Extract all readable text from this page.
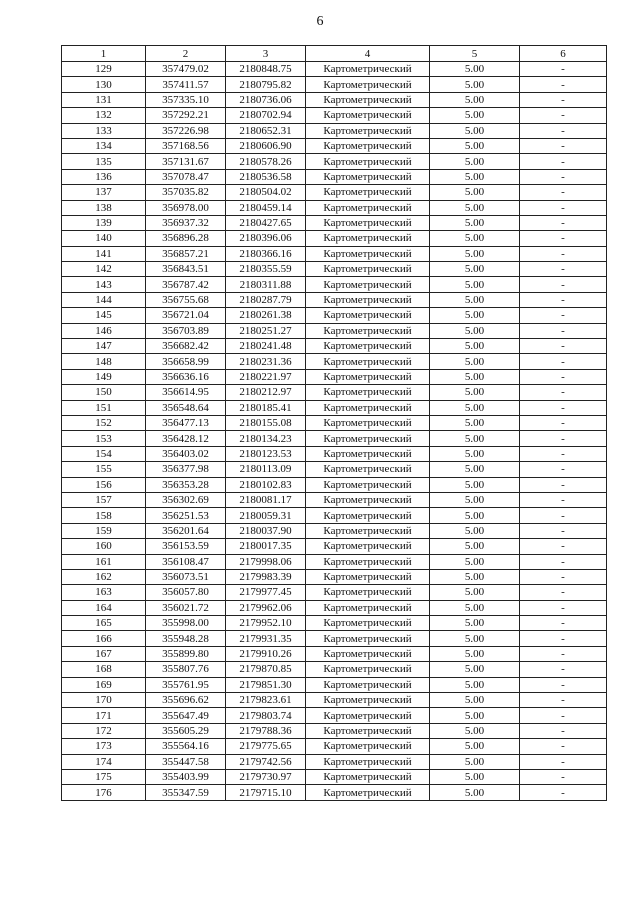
6
1	2	3	4	5	6
129	357479.02	2180848.75	Картометрический	5.00	-
130	357411.57	2180795.82	Картометрический	5.00	-
131	357335.10	2180736.06	Картометрический	5.00	-
132	357292.21	2180702.94	Картометрический	5.00	-
133	357226.98	2180652.31	Картометрический	5.00	-
134	357168.56	2180606.90	Картометрический	5.00	-
135	357131.67	2180578.26	Картометрический	5.00	-
136	357078.47	2180536.58	Картометрический	5.00	-
137	357035.82	2180504.02	Картометрический	5.00	-
138	356978.00	2180459.14	Картометрический	5.00	-
139	356937.32	2180427.65	Картометрический	5.00	-
140	356896.28	2180396.06	Картометрический	5.00	-
141	356857.21	2180366.16	Картометрический	5.00	-
142	356843.51	2180355.59	Картометрический	5.00	-
143	356787.42	2180311.88	Картометрический	5.00	-
144	356755.68	2180287.79	Картометрический	5.00	-
145	356721.04	2180261.38	Картометрический	5.00	-
146	356703.89	2180251.27	Картометрический	5.00	-
147	356682.42	2180241.48	Картометрический	5.00	-
148	356658.99	2180231.36	Картометрический	5.00	-
149	356636.16	2180221.97	Картометрический	5.00	-
150	356614.95	2180212.97	Картометрический	5.00	-
151	356548.64	2180185.41	Картометрический	5.00	-
152	356477.13	2180155.08	Картометрический	5.00	-
153	356428.12	2180134.23	Картометрический	5.00	-
154	356403.02	2180123.53	Картометрический	5.00	-
155	356377.98	2180113.09	Картометрический	5.00	-
156	356353.28	2180102.83	Картометрический	5.00	-
157	356302.69	2180081.17	Картометрический	5.00	-
158	356251.53	2180059.31	Картометрический	5.00	-
159	356201.64	2180037.90	Картометрический	5.00	-
160	356153.59	2180017.35	Картометрический	5.00	-
161	356108.47	2179998.06	Картометрический	5.00	-
162	356073.51	2179983.39	Картометрический	5.00	-
163	356057.80	2179977.45	Картометрический	5.00	-
164	356021.72	2179962.06	Картометрический	5.00	-
165	355998.00	2179952.10	Картометрический	5.00	-
166	355948.28	2179931.35	Картометрический	5.00	-
167	355899.80	2179910.26	Картометрический	5.00	-
168	355807.76	2179870.85	Картометрический	5.00	-
169	355761.95	2179851.30	Картометрический	5.00	-
170	355696.62	2179823.61	Картометрический	5.00	-
171	355647.49	2179803.74	Картометрический	5.00	-
172	355605.29	2179788.36	Картометрический	5.00	-
173	355564.16	2179775.65	Картометрический	5.00	-
174	355447.58	2179742.56	Картометрический	5.00	-
175	355403.99	2179730.97	Картометрический	5.00	-
176	355347.59	2179715.10	Картометрический	5.00	-
